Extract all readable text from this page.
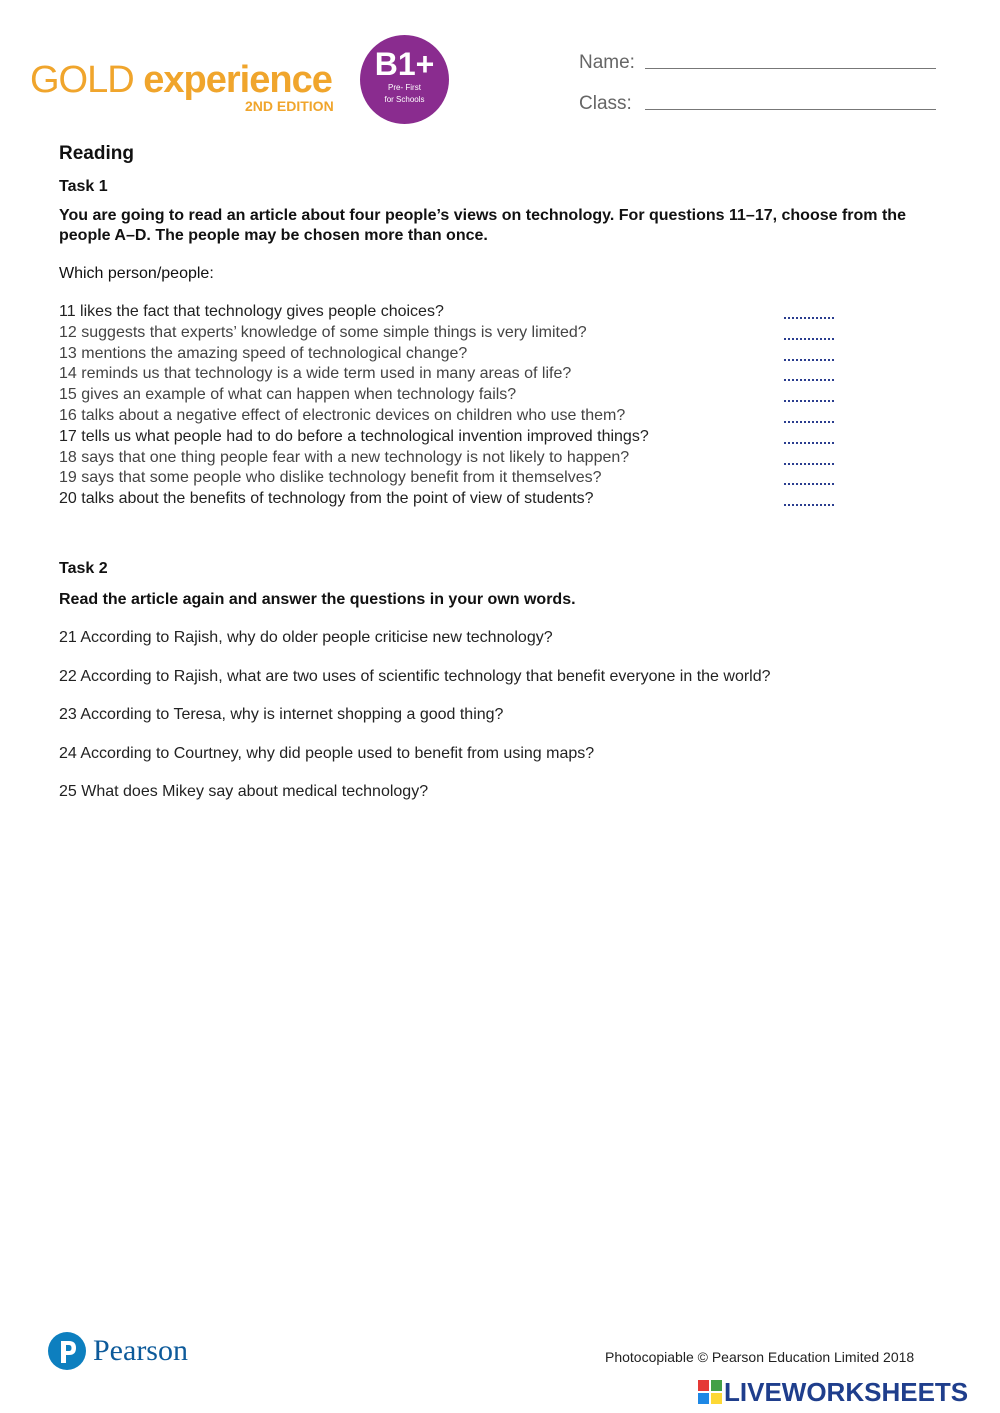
GOLD experience
2ND EDITION
B1+
Pre- First
for Schools
Name:
Class:
Reading
Task 1
You are going to read an article about four people’s views on technology. For questions 11–17, choose from the people A–D. The people may be chosen more than once.
Which person/people:
11 likes the fact that technology gives people choices?
12 suggests that experts’ knowledge of some simple things is very limited?
13 mentions the amazing speed of technological change?
14 reminds us that technology is a wide term used in many areas of life?
15 gives an example of what can happen when technology fails?
16 talks about a negative effect of electronic devices on children who use them?
17 tells us what people had to do before a technological invention improved things?
18 says that one thing people fear with a new technology is not likely to happen?
19 says that some people who dislike technology benefit from it themselves?
20 talks about the benefits of technology from the point of view of students?
Task 2
Read the article again and answer the questions in your own words.
21 According to Rajish, why do older people criticise new technology?
22 According to Rajish, what are two uses of scientific technology that benefit everyone in the world?
23 According to Teresa, why is internet shopping a good thing?
24 According to Courtney, why did people used to benefit from using maps?
25 What does Mikey say about medical technology?
Pearson	Photocopiable © Pearson Education Limited 2018
LIVEWORKSHEETS
